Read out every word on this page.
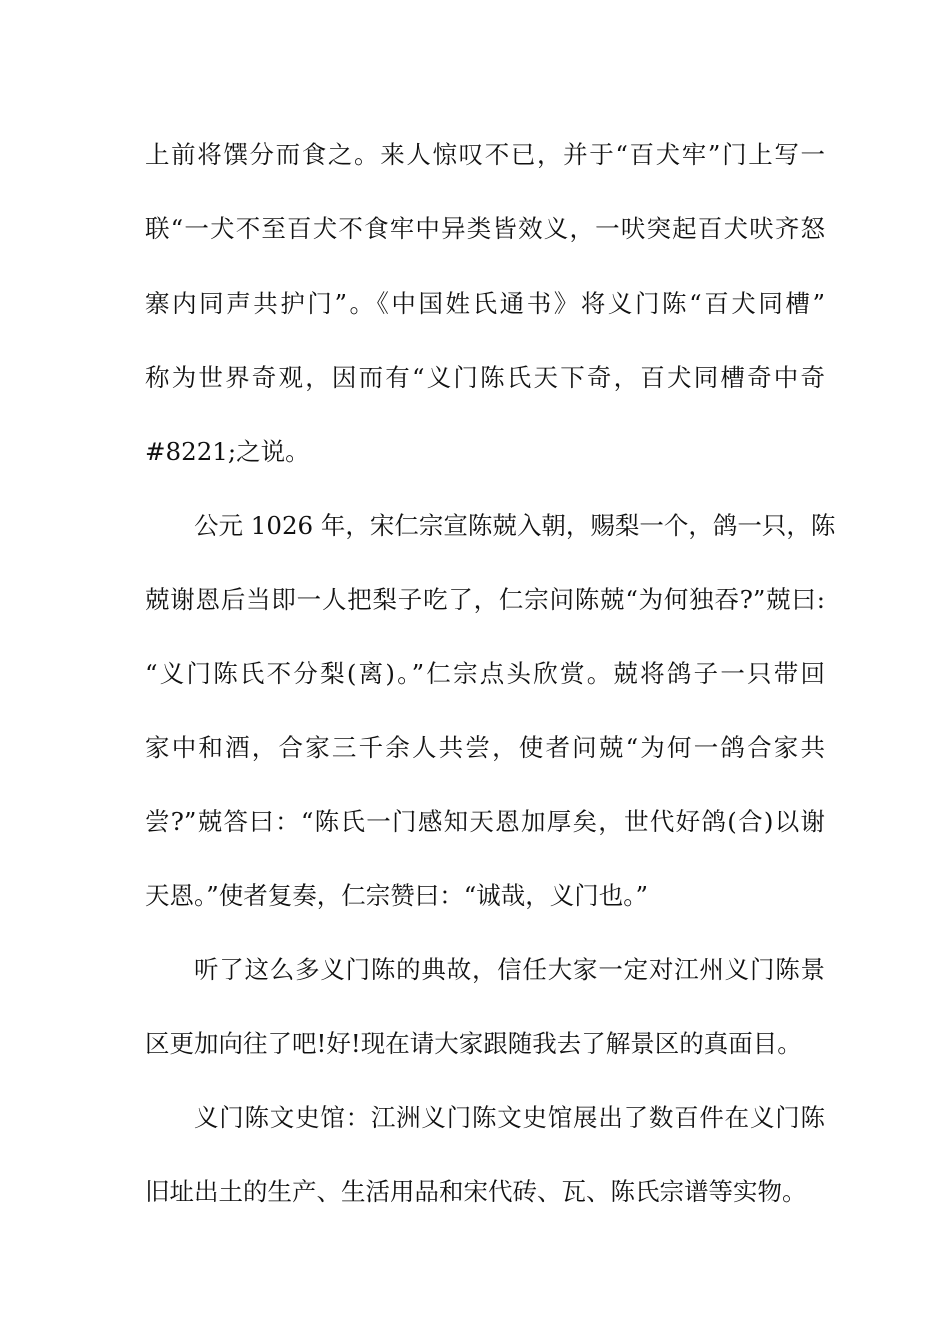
上前将馔分而食之。来人惊叹不已，并于“百犬牢”门上写一
联“一犬不至百犬不食牢中异类皆效义，一吠突起百犬吠齐怒
寨内同声共护门”。《中国姓氏通书》将义门陈“百犬同槽”
称为世界奇观，因而有“义门陈氏天下奇，百犬同槽奇中奇
#8221;之说。
公元 1026 年，宋仁宗宣陈兢入朝，赐梨一个，鸽一只，陈
兢谢恩后当即一人把梨子吃了，仁宗问陈兢“为何独吞?”兢曰:
“义门陈氏不分梨(离)。”仁宗点头欣赏。兢将鸽子一只带回
家中和酒，合家三千余人共尝，使者问兢“为何一鸽合家共
尝?”兢答曰：“陈氏一门感知天恩加厚矣，世代好鸽(合)以谢
天恩。”使者复奏，仁宗赞曰：“诚哉，义门也。”
听了这么多义门陈的典故，信任大家一定对江州义门陈景
区更加向往了吧!好!现在请大家跟随我去了解景区的真面目。
义门陈文史馆：江洲义门陈文史馆展出了数百件在义门陈
旧址出土的生产、生活用品和宋代砖、瓦、陈氏宗谱等实物。
